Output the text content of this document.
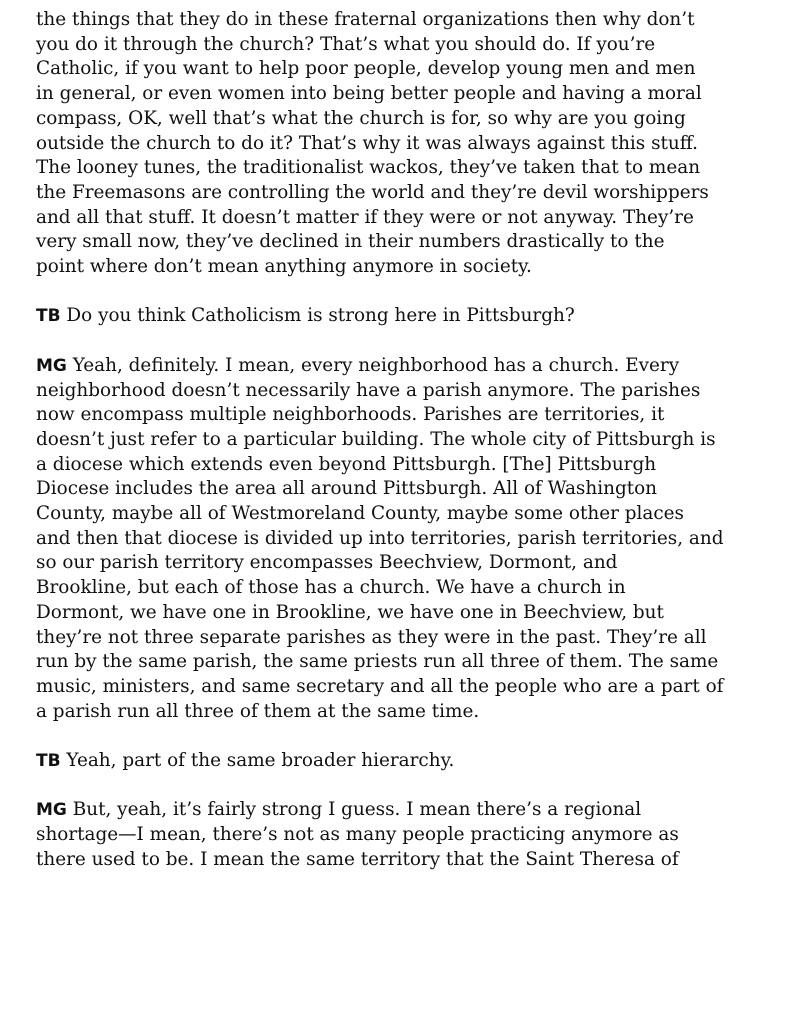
the things that they do in these fraternal organizations then why don’t
you do it through the church? That’s what you should do. If you’re
Catholic, if you want to help poor people, develop young men and men
in general, or even women into being better people and having a moral
compass, OK, well that’s what the church is for, so why are you going
outside the church to do it? That’s why it was always against this stuff.
The looney tunes, the traditionalist wackos, they’ve taken that to mean
the Freemasons are controlling the world and they’re devil worshippers
and all that stuff. It doesn’t matter if they were or not anyway. They’re
very small now, they’ve declined in their numbers drastically to the
point where don’t mean anything anymore in society.
TB Do you think Catholicism is strong here in Pittsburgh?
MG Yeah, definitely. I mean, every neighborhood has a church. Every
neighborhood doesn’t necessarily have a parish anymore. The parishes
now encompass multiple neighborhoods. Parishes are territories, it
doesn’t just refer to a particular building. The whole city of Pittsburgh is
a diocese which extends even beyond Pittsburgh. [The] Pittsburgh
Diocese includes the area all around Pittsburgh. All of Washington
County, maybe all of Westmoreland County, maybe some other places
and then that diocese is divided up into territories, parish territories, and
so our parish territory encompasses Beechview, Dormont, and
Brookline, but each of those has a church. We have a church in
Dormont, we have one in Brookline, we have one in Beechview, but
they’re not three separate parishes as they were in the past. They’re all
run by the same parish, the same priests run all three of them. The same
music, ministers, and same secretary and all the people who are a part of
a parish run all three of them at the same time.
TB Yeah, part of the same broader hierarchy.
MG But, yeah, it’s fairly strong I guess. I mean there’s a regional
shortage—I mean, there’s not as many people practicing anymore as
there used to be. I mean the same territory that the Saint Theresa of
